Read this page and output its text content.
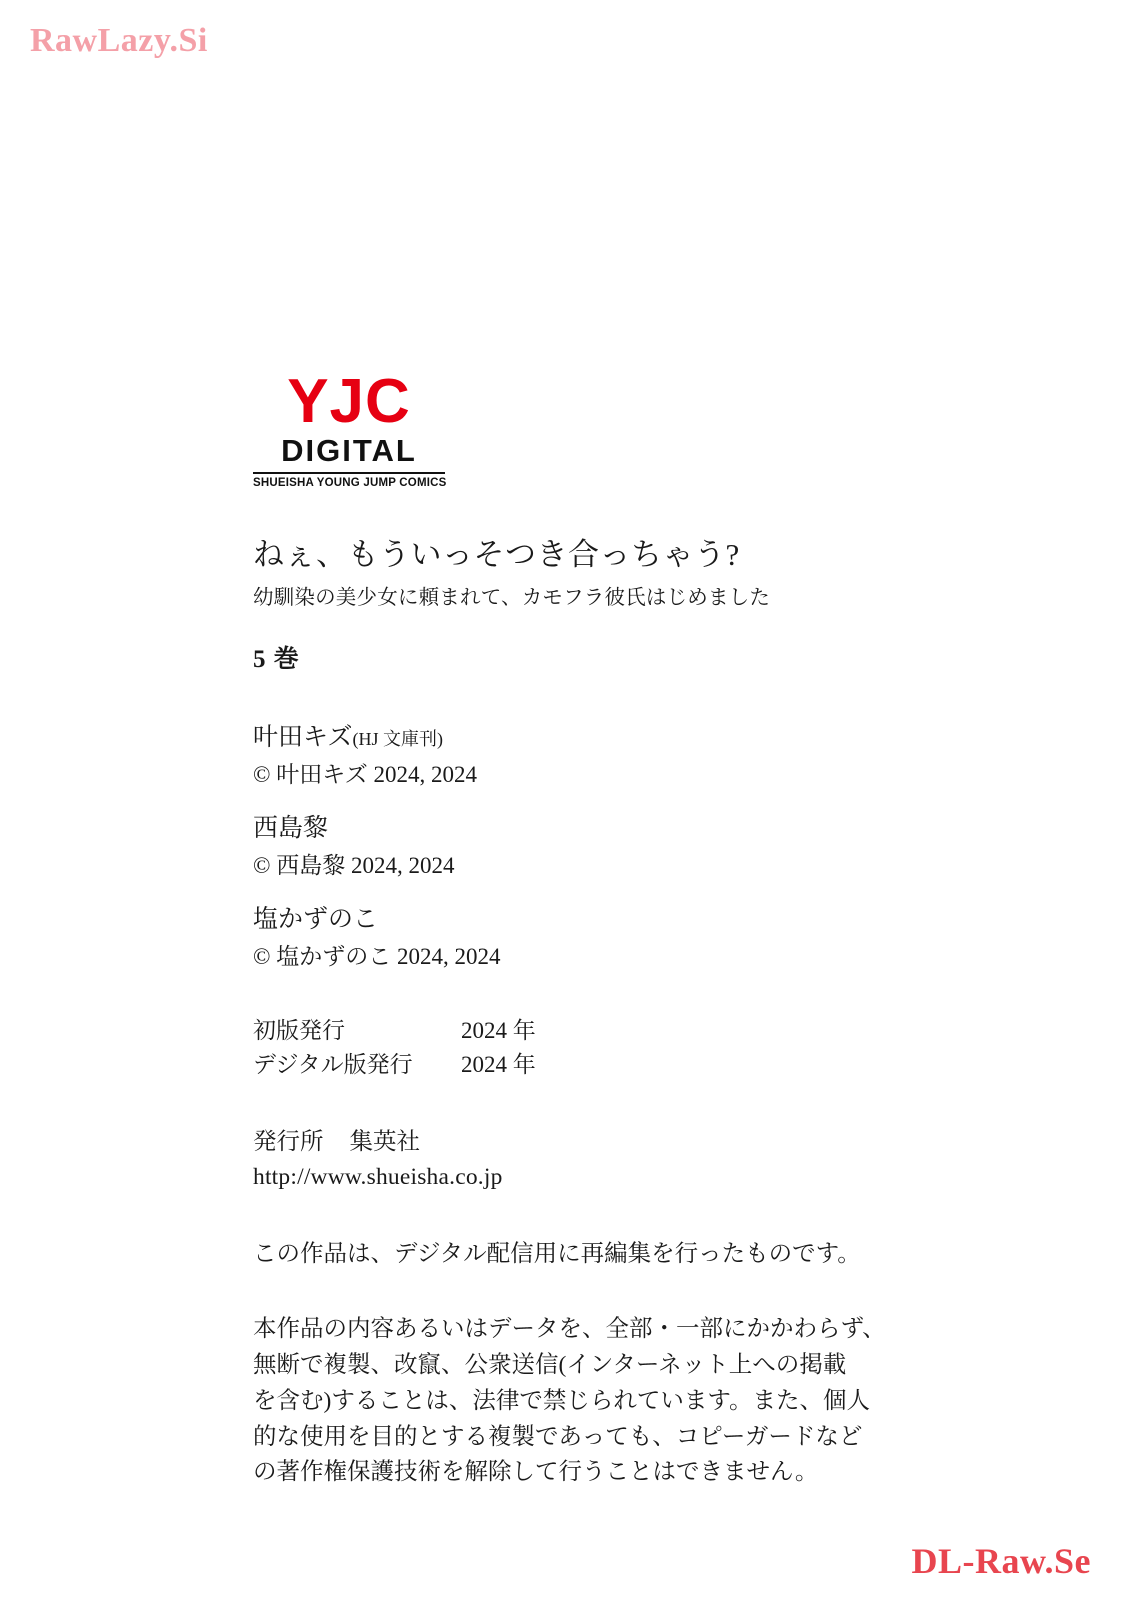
RawLazy.Si
YJC
DIGITAL
SHUEISHA YOUNG JUMP COMICS
ねぇ、もういっそつき合っちゃう?
幼馴染の美少女に頼まれて、カモフラ彼氏はじめました
5 巻
叶田キズ(HJ 文庫刊)
© 叶田キズ 2024, 2024
西島黎
© 西島黎 2024, 2024
塩かずのこ
© 塩かずのこ 2024, 2024
初版発行	2024 年
デジタル版発行	2024 年
発行所 集英社
http://www.shueisha.co.jp
この作品は、デジタル配信用に再編集を行ったものです。

本作品の内容あるいはデータを、全部・一部にかかわらず、

無断で複製、改竄、公衆送信(インターネット上への掲載

を含む)することは、法律で禁じられています。また、個人

的な使用を目的とする複製であっても、コピーガードなど

の著作権保護技術を解除して行うことはできません。

DL-Raw.Se
